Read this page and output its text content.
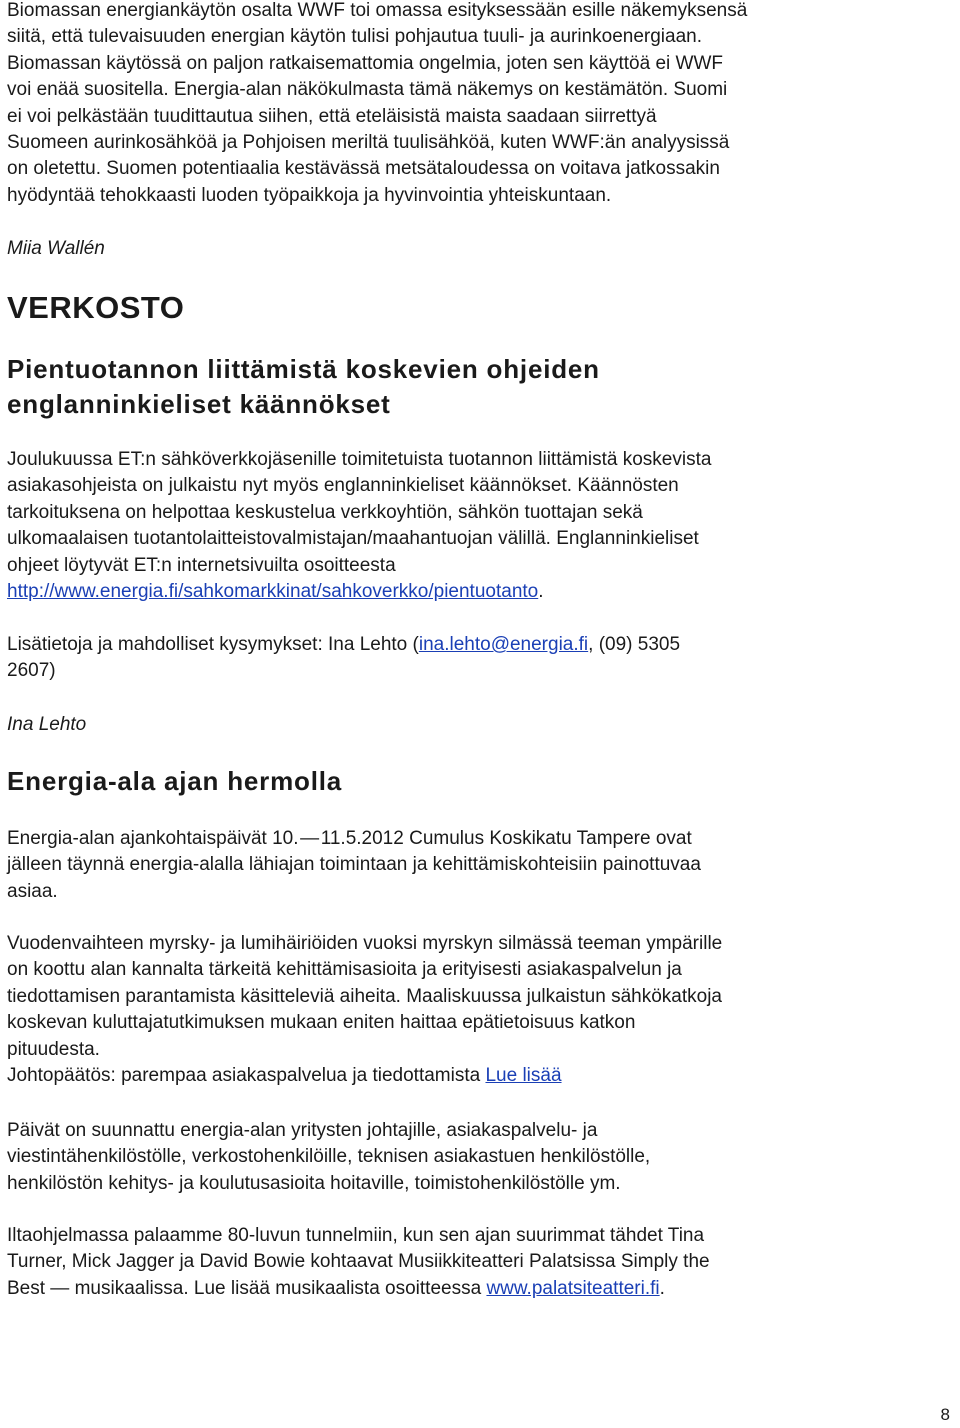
Biomassan energiankäytön osalta WWF toi omassa esityksessään esille näkemyksensä
siitä, että tulevaisuuden energian käytön tulisi pohjautua tuuli- ja aurinkoenergiaan.
Biomassan käytössä on paljon ratkaisemattomia ongelmia, joten sen käyttöä ei WWF
voi enää suositella. Energia-alan näkökulmasta tämä näkemys on kestämätön. Suomi
ei voi pelkästään tuudittautua siihen, että eteläisistä maista saadaan siirrettyä
Suomeen aurinkosähköä ja Pohjoisen meriltä tuulisähköä, kuten WWF:än analyysissä
on oletettu. Suomen potentiaalia kestävässä metsätaloudessa on voitava jatkossakin
hyödyntää tehokkaasti luoden työpaikkoja ja hyvinvointia yhteiskuntaan.
Miia Wallén
VERKOSTO
Pientuotannon liittämistä koskevien ohjeiden
englanninkieliset käännökset
Joulukuussa ET:n sähköverkkojäsenille toimitetuista tuotannon liittämistä koskevista
asiakasohjeista on julkaistu nyt myös englanninkieliset käännökset. Käännösten
tarkoituksena on helpottaa keskustelua verkkoyhtiön, sähkön tuottajan sekä
ulkomaalaisen tuotantolaitteistovalmistajan/maahantuojan välillä. Englanninkieliset
ohjeet löytyvät ET:n internetsivuilta osoitteesta
http://www.energia.fi/sahkomarkkinat/sahkoverkko/pientuotanto.
Lisätietoja ja mahdolliset kysymykset: Ina Lehto (ina.lehto@energia.fi, (09) 5305
2607)
Ina Lehto
Energia-ala ajan hermolla
Energia-alan ajankohtaispäivät 10. — 11.5.2012 Cumulus Koskikatu Tampere ovat
jälleen täynnä energia-alalla lähiajan toimintaan ja kehittämiskohteisiin painottuvaa
asiaa.
Vuodenvaihteen myrsky- ja lumihäiriöiden vuoksi myrskyn silmässä teeman ympärille
on koottu alan kannalta tärkeitä kehittämisasioita ja erityisesti asiakaspalvelun ja
tiedottamisen parantamista käsitteleviä aiheita. Maaliskuussa julkaistun sähkökatkoja
koskevan kuluttajatutkimuksen mukaan eniten haittaa epätietoisuus katkon
pituudesta.
Johtopäätös: parempaa asiakaspalvelua ja tiedottamista Lue lisää
Päivät on suunnattu energia-alan yritysten johtajille, asiakaspalvelu- ja
viestintähenkilöstölle, verkostohenkilöille, teknisen asiakastuen henkilöstölle,
henkilöstön kehitys- ja koulutusasioita hoitaville, toimistohenkilöstölle ym.
Iltaohjelmassa palaamme 80-luvun tunnelmiin, kun sen ajan suurimmat tähdet Tina
Turner, Mick Jagger ja David Bowie kohtaavat Musiikkiteatteri Palatsissa Simply the
Best — musikaalissa. Lue lisää musikaalista osoitteessa www.palatsiteatteri.fi.
8
